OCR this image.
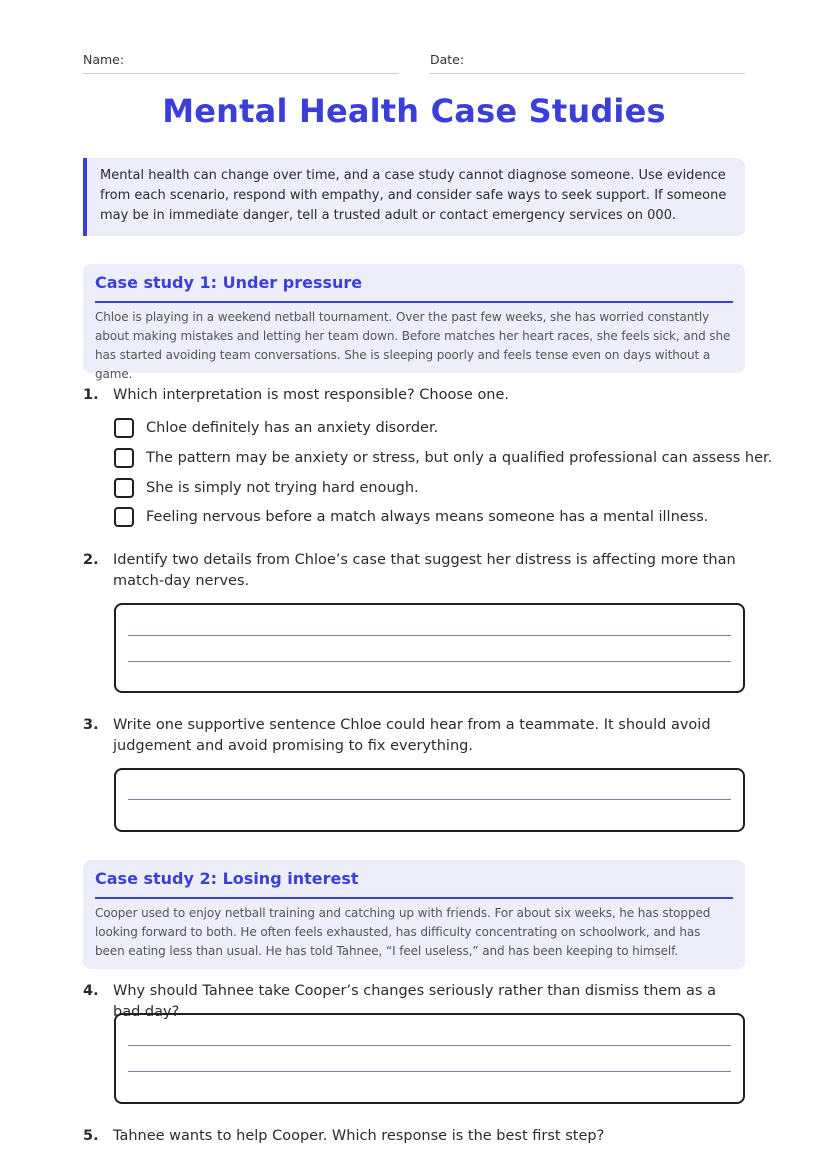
Name:	Date:
Mental Health Case Studies
Mental health can change over time, and a case study cannot diagnose someone. Use evidence from each scenario, respond with empathy, and consider safe ways to seek support. If someone may be in immediate danger, tell a trusted adult or contact emergency services on 000.
Case study 1: Under pressure
Chloe is playing in a weekend netball tournament. Over the past few weeks, she has worried constantly about making mistakes and letting her team down. Before matches her heart races, she feels sick, and she has started avoiding team conversations. She is sleeping poorly and feels tense even on days without a game.
1. Which interpretation is most responsible? Choose one.
Chloe definitely has an anxiety disorder.
The pattern may be anxiety or stress, but only a qualified professional can assess her.
She is simply not trying hard enough.
Feeling nervous before a match always means someone has a mental illness.
2. Identify two details from Chloe’s case that suggest her distress is affecting more than match-day nerves.
3. Write one supportive sentence Chloe could hear from a teammate. It should avoid judgement and avoid promising to fix everything.
Case study 2: Losing interest
Cooper used to enjoy netball training and catching up with friends. For about six weeks, he has stopped looking forward to both. He often feels exhausted, has difficulty concentrating on schoolwork, and has been eating less than usual. He has told Tahnee, “I feel useless,” and has been keeping to himself.
4. Why should Tahnee take Cooper’s changes seriously rather than dismiss them as a bad day?
5. Tahnee wants to help Cooper. Which response is the best first step?
